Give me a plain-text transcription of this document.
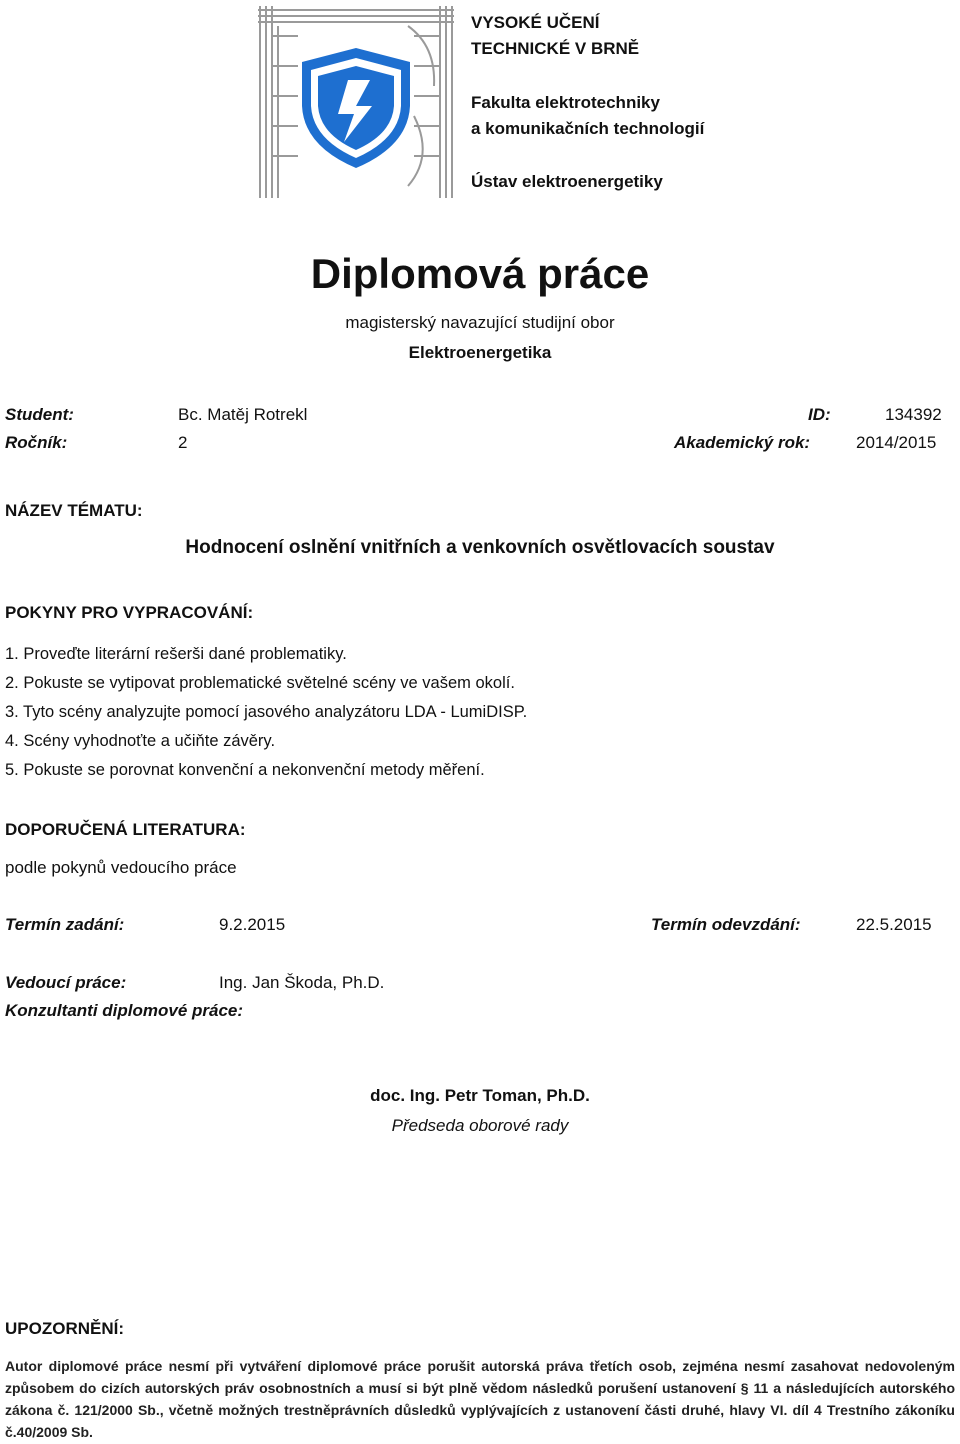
VYSOKÉ UČENÍ
TECHNICKÉ V BRNĚ
Fakulta elektrotechniky
a komunikačních technologií
Ústav elektroenergetiky
Diplomová práce
magisterský navazující studijní obor
Elektroenergetika
Student:	Bc. Matěj Rotrekl	ID:	134392
Ročník:	2	Akademický rok:	2014/2015
NÁZEV TÉMATU:
Hodnocení oslnění vnitřních a venkovních osvětlovacích soustav
POKYNY PRO VYPRACOVÁNÍ:
1. Proveďte literární rešerši dané problematiky.
2. Pokuste se vytipovat problematické světelné scény ve vašem okolí.
3. Tyto scény analyzujte pomocí jasového analyzátoru LDA - LumiDISP.
4. Scény vyhodnoťte a učiňte závěry.
5. Pokuste se porovnat konvenční a nekonvenční metody měření.
DOPORUČENÁ LITERATURA:
podle pokynů vedoucího práce
Termín zadání:	9.2.2015	Termín odevzdání:	22.5.2015
Vedoucí práce:	Ing. Jan Škoda, Ph.D.
Konzultanti diplomové práce:
doc. Ing. Petr Toman, Ph.D.
Předseda oborové rady
UPOZORNĚNÍ:
Autor diplomové práce nesmí při vytváření diplomové práce porušit autorská práva třetích osob, zejména nesmí zasahovat nedovoleným způsobem do cizích autorských práv osobnostních a musí si být plně vědom následků porušení ustanovení § 11 a následujících autorského zákona č. 121/2000 Sb., včetně možných trestněprávních důsledků vyplývajících z ustanovení části druhé, hlavy VI. díl 4 Trestního zákoníku č.40/2009 Sb.
